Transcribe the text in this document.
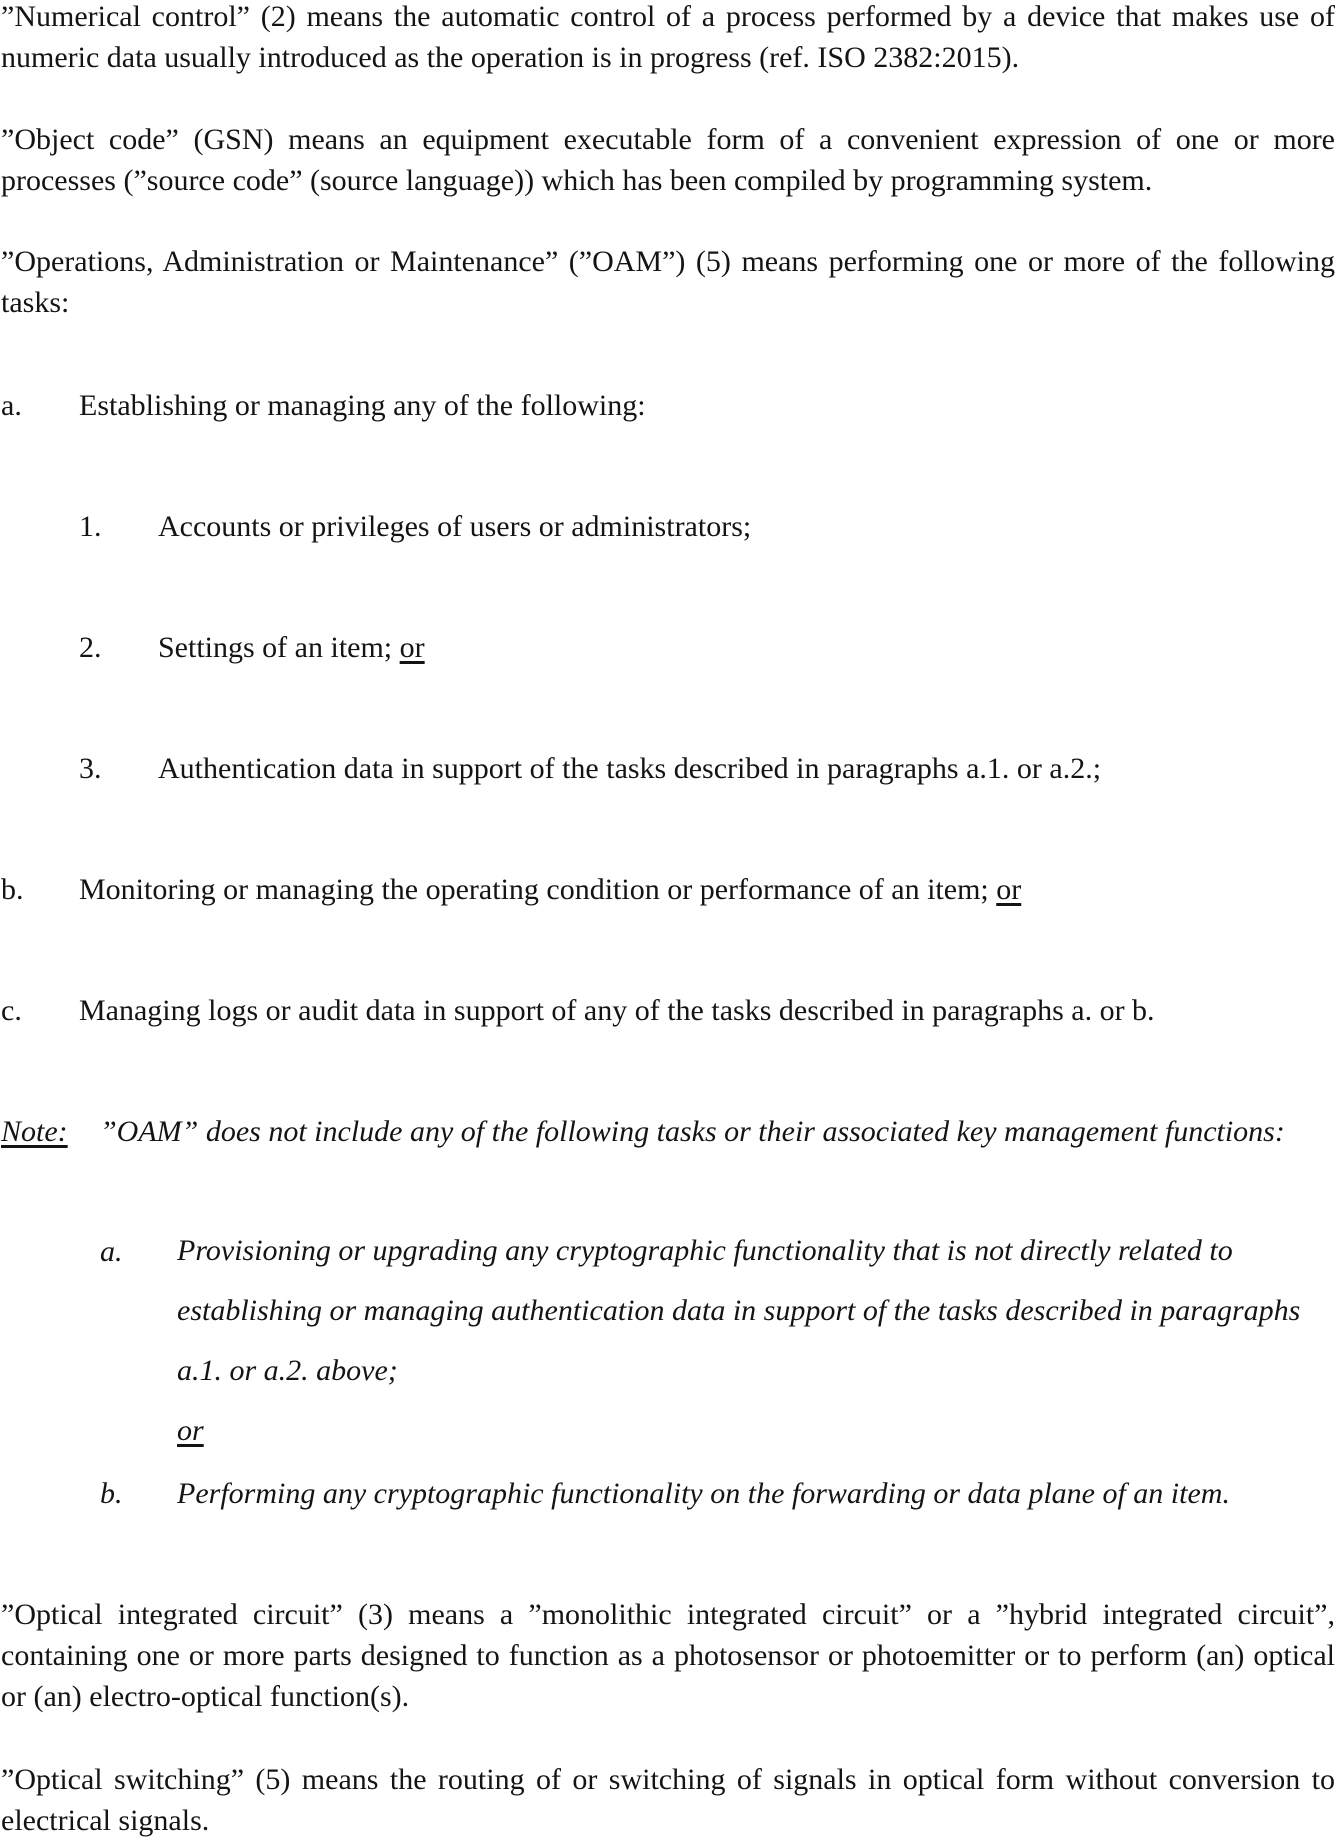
”Numerical control” (2) means the automatic control of a process performed by a device that makes use of numeric data usually introduced as the operation is in progress (ref. ISO 2382:2015).

”Object code” (GSN) means an equipment executable form of a convenient expression of one or more processes (”source code” (source language)) which has been compiled by programming system.

”Operations, Administration or Maintenance” (”OAM”) (5) means performing one or more of the following tasks:

a. Establishing or managing any of the following:
1. Accounts or privileges of users or administrators;
2. Settings of an item; or
3. Authentication data in support of the tasks described in paragraphs a.1. or a.2.;
b. Monitoring or managing the operating condition or performance of an item; or
c. Managing logs or audit data in support of any of the tasks described in paragraphs a. or b.
Note: ”OAM” does not include any of the following tasks or their associated key management functions:
a. Provisioning or upgrading any cryptographic functionality that is not directly related to establishing or managing authentication data in support of the tasks described in paragraphs a.1. or a.2. above;
or

b. Performing any cryptographic functionality on the forwarding or data plane of an item.

”Optical integrated circuit” (3) means a ”monolithic integrated circuit” or a ”hybrid integrated circuit”, containing one or more parts designed to function as a photosensor or photoemitter or to perform (an) optical or (an) electro-optical function(s).

”Optical switching” (5) means the routing of or switching of signals in optical form without conversion to electrical signals.
